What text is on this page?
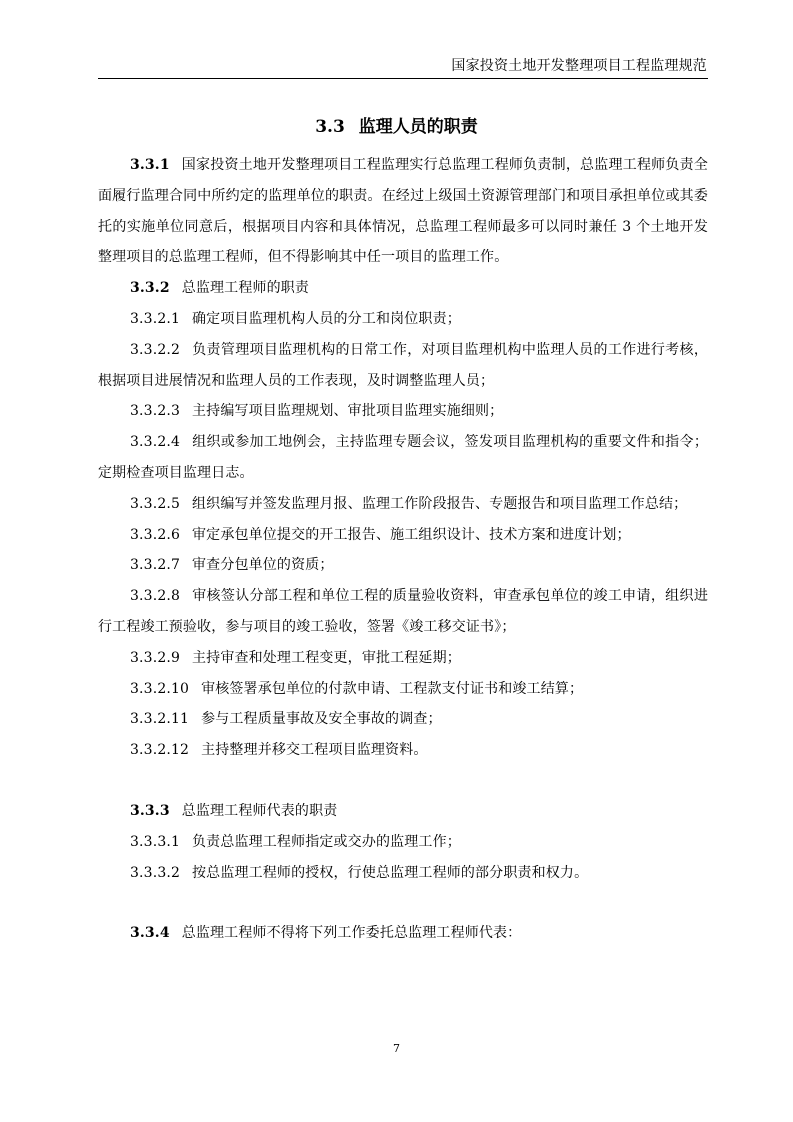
国家投资土地开发整理项目工程监理规范
3.3 监理人员的职责

3.3.1 国家投资土地开发整理项目工程监理实行总监理工程师负责制，总监理工程师负责全面履行监理合同中所约定的监理单位的职责。在经过上级国土资源管理部门和项目承担单位或其委托的实施单位同意后，根据项目内容和具体情况，总监理工程师最多可以同时兼任 3 个土地开发整理项目的总监理工程师，但不得影响其中任一项目的监理工作。

3.3.2 总监理工程师的职责

3.3.2.1 确定项目监理机构人员的分工和岗位职责；

3.3.2.2 负责管理项目监理机构的日常工作，对项目监理机构中监理人员的工作进行考核，根据项目进展情况和监理人员的工作表现，及时调整监理人员；

3.3.2.3 主持编写项目监理规划、审批项目监理实施细则；

3.3.2.4 组织或参加工地例会，主持监理专题会议，签发项目监理机构的重要文件和指令；定期检查项目监理日志。

3.3.2.5 组织编写并签发监理月报、监理工作阶段报告、专题报告和项目监理工作总结；

3.3.2.6 审定承包单位提交的开工报告、施工组织设计、技术方案和进度计划；

3.3.2.7 审查分包单位的资质；

3.3.2.8 审核签认分部工程和单位工程的质量验收资料，审查承包单位的竣工申请，组织进行工程竣工预验收，参与项目的竣工验收，签署《竣工移交证书》；

3.3.2.9 主持审查和处理工程变更，审批工程延期；

3.3.2.10 审核签署承包单位的付款申请、工程款支付证书和竣工结算；

3.3.2.11 参与工程质量事故及安全事故的调查；

3.3.2.12 主持整理并移交工程项目监理资料。

3.3.3 总监理工程师代表的职责

3.3.3.1 负责总监理工程师指定或交办的监理工作；

3.3.3.2 按总监理工程师的授权，行使总监理工程师的部分职责和权力。

3.3.4 总监理工程师不得将下列工作委托总监理工程师代表：

7
